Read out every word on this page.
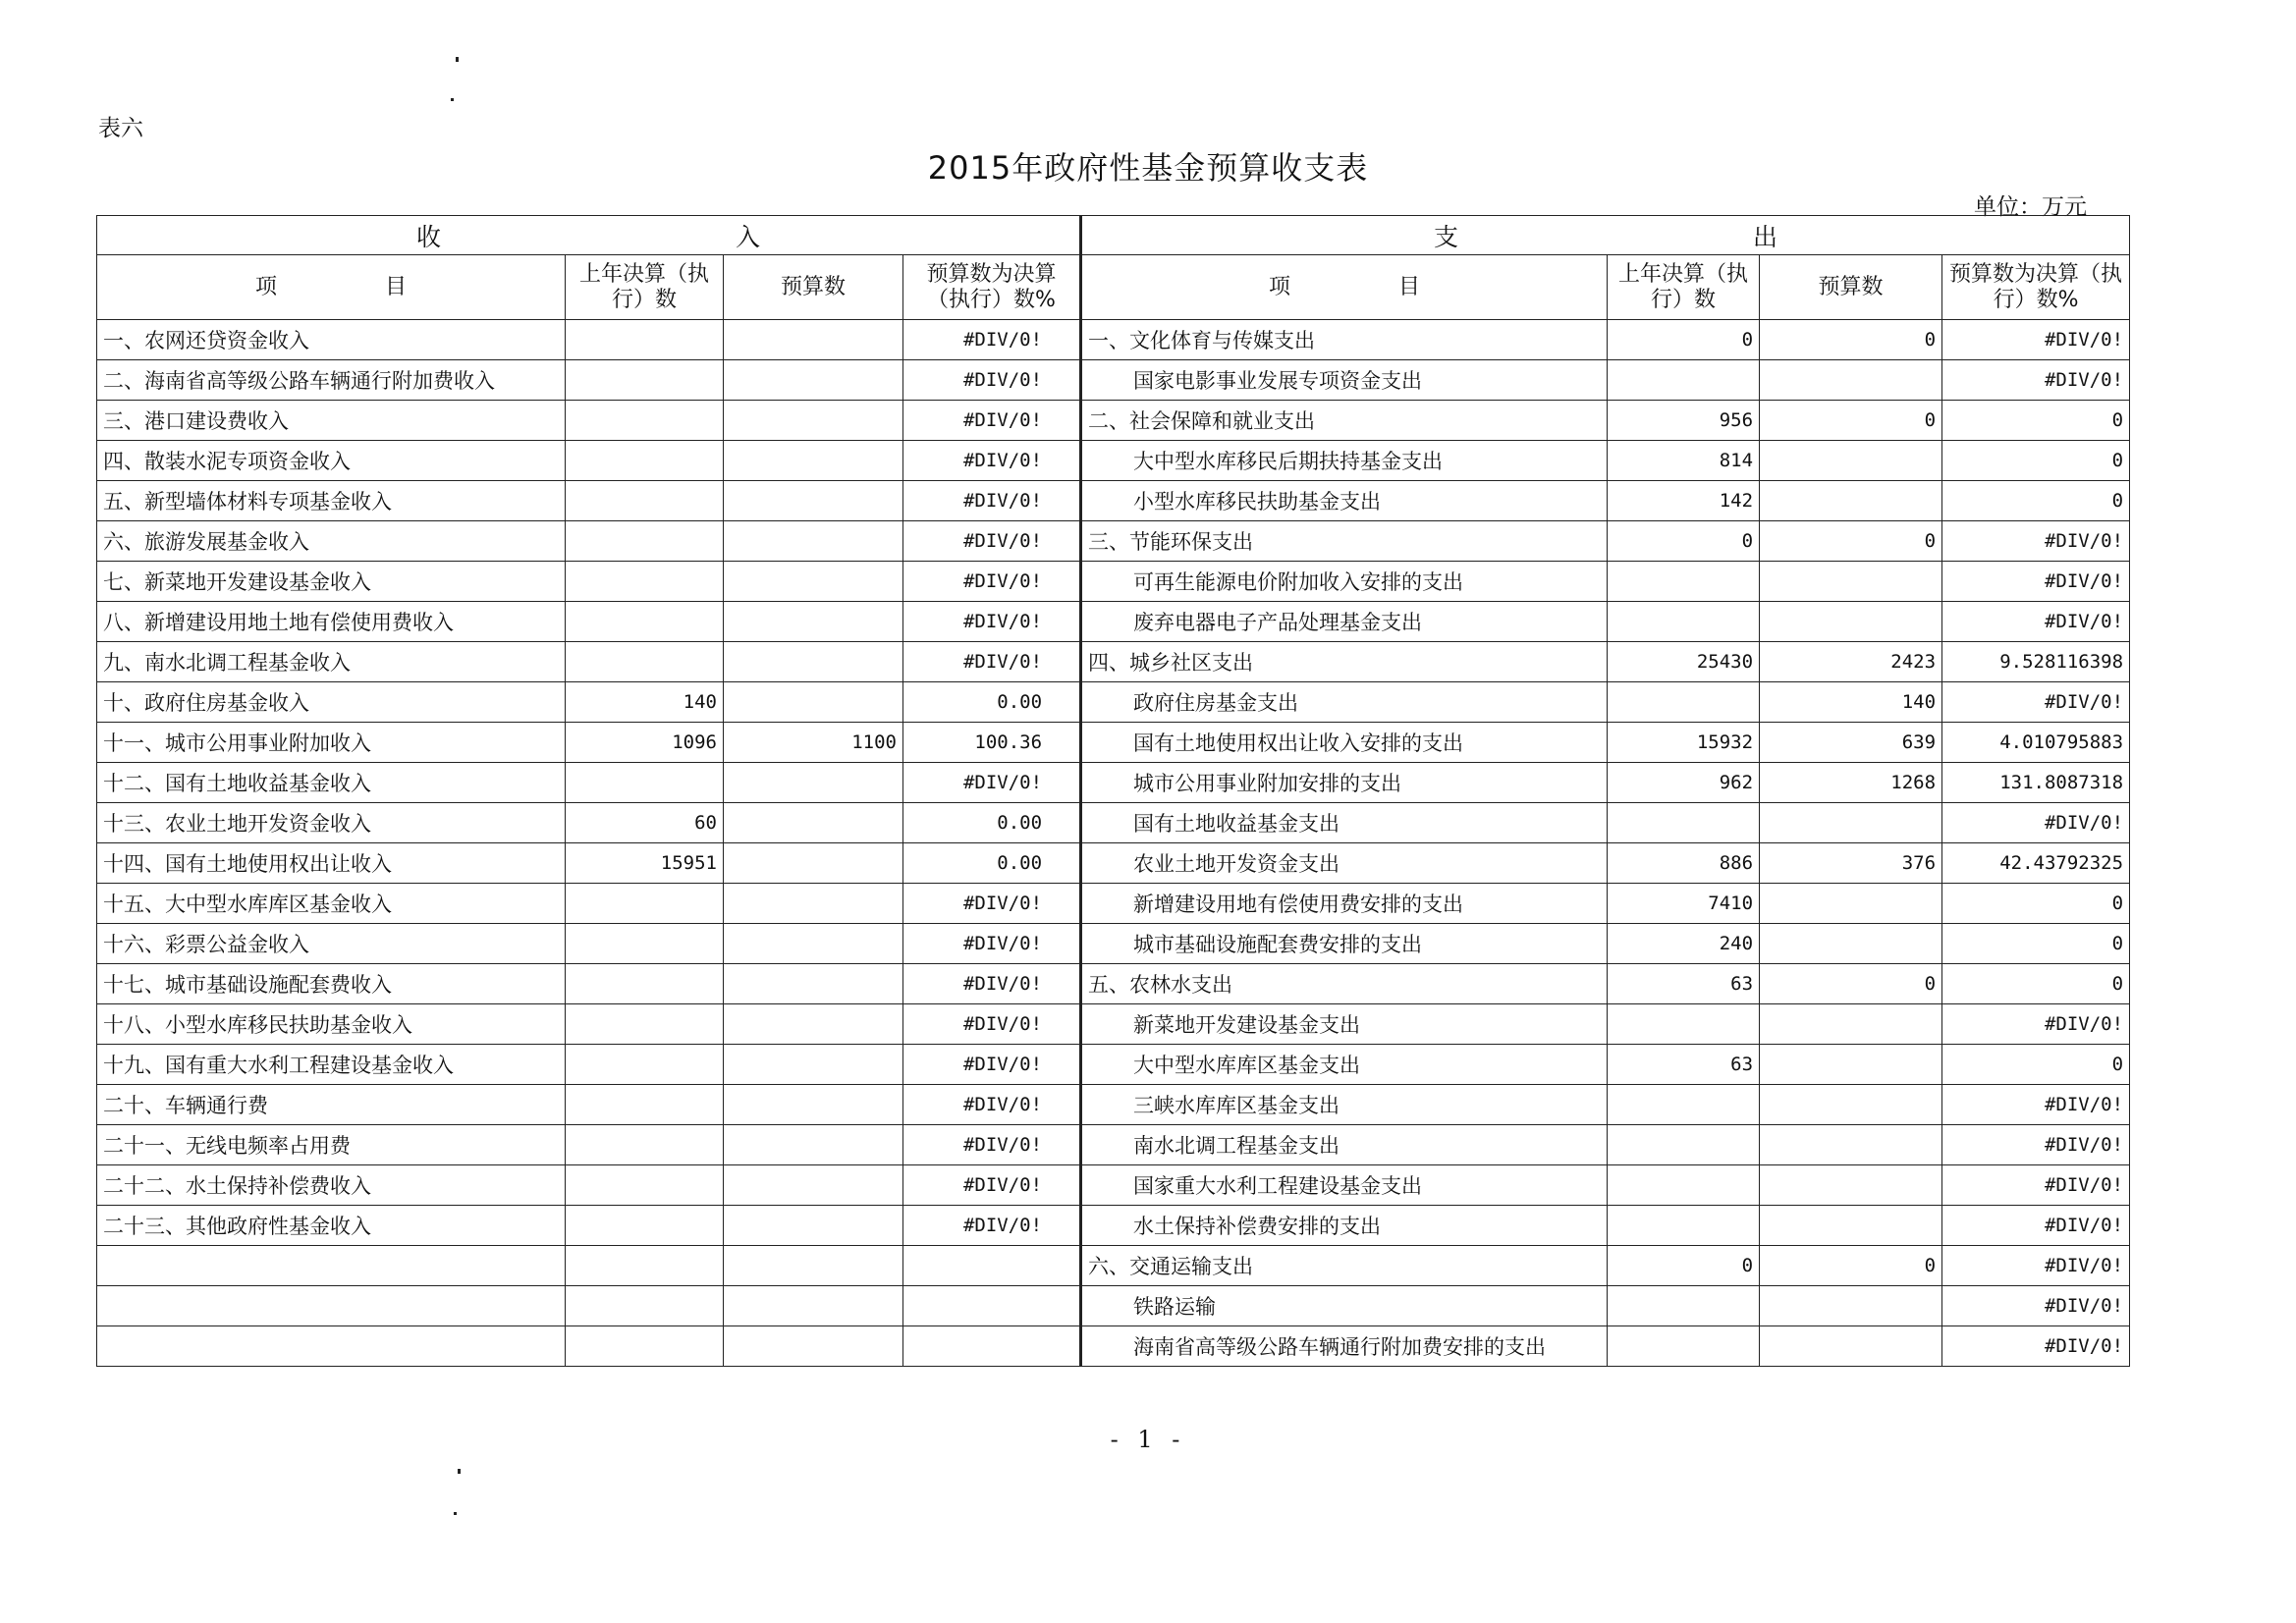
表六
2015年政府性基金预算收支表
单位：万元
收　　　　　　　　　　　　入				支　　　　　　　　　　　　出			
项　　　　　目	上年决算（执行）数	预算数	预算数为决算（执行）数%	项　　　　　目	上年决算（执行）数	预算数	预算数为决算（执行）数%
一、农网还贷资金收入			#DIV/0!	一、文化体育与传媒支出	0	0	#DIV/0!
二、海南省高等级公路车辆通行附加费收入			#DIV/0!	国家电影事业发展专项资金支出			#DIV/0!
三、港口建设费收入			#DIV/0!	二、社会保障和就业支出	956	0	0
四、散装水泥专项资金收入			#DIV/0!	大中型水库移民后期扶持基金支出	814		0
五、新型墙体材料专项基金收入			#DIV/0!	小型水库移民扶助基金支出	142		0
六、旅游发展基金收入			#DIV/0!	三、节能环保支出	0	0	#DIV/0!
七、新菜地开发建设基金收入			#DIV/0!	可再生能源电价附加收入安排的支出			#DIV/0!
八、新增建设用地土地有偿使用费收入			#DIV/0!	废弃电器电子产品处理基金支出			#DIV/0!
九、南水北调工程基金收入			#DIV/0!	四、城乡社区支出	25430	2423	9.528116398
十、政府住房基金收入	140		0.00	政府住房基金支出		140	#DIV/0!
十一、城市公用事业附加收入	1096	1100	100.36	国有土地使用权出让收入安排的支出	15932	639	4.010795883
十二、国有土地收益基金收入			#DIV/0!	城市公用事业附加安排的支出	962	1268	131.8087318
十三、农业土地开发资金收入	60		0.00	国有土地收益基金支出			#DIV/0!
十四、国有土地使用权出让收入	15951		0.00	农业土地开发资金支出	886	376	42.43792325
十五、大中型水库库区基金收入			#DIV/0!	新增建设用地有偿使用费安排的支出	7410		0
十六、彩票公益金收入			#DIV/0!	城市基础设施配套费安排的支出	240		0
十七、城市基础设施配套费收入			#DIV/0!	五、农林水支出	63	0	0
十八、小型水库移民扶助基金收入			#DIV/0!	新菜地开发建设基金支出			#DIV/0!
十九、国有重大水利工程建设基金收入			#DIV/0!	大中型水库库区基金支出	63		0
二十、车辆通行费			#DIV/0!	三峡水库库区基金支出			#DIV/0!
二十一、无线电频率占用费			#DIV/0!	南水北调工程基金支出			#DIV/0!
二十二、水土保持补偿费收入			#DIV/0!	国家重大水利工程建设基金支出			#DIV/0!
二十三、其他政府性基金收入			#DIV/0!	水土保持补偿费安排的支出			#DIV/0!
				六、交通运输支出	0	0	#DIV/0!
				铁路运输			#DIV/0!
				海南省高等级公路车辆通行附加费安排的支出			#DIV/0!
- 1 -
